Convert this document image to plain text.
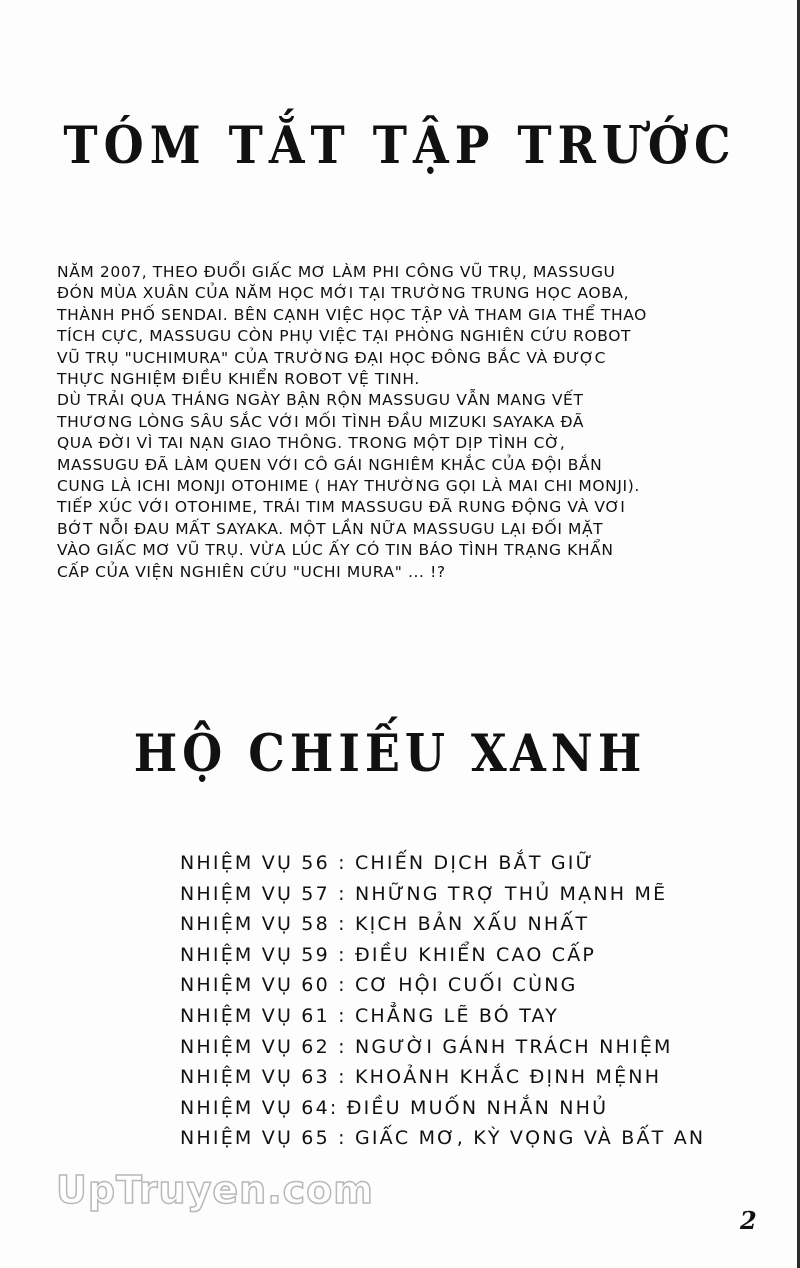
TÓM TẮT TẬP TRƯỚC
NĂM 2007, THEO ĐUỔI GIẤC MƠ LÀM PHI CÔNG VŨ TRỤ, MASSUGU
ĐÓN MÙA XUÂN CỦA NĂM HỌC MỚI TẠI TRƯỜNG TRUNG HỌC AOBA,
THÀNH PHỐ SENDAI. BÊN CẠNH VIỆC HỌC TẬP VÀ THAM GIA THỂ THAO
TÍCH CỰC, MASSUGU CÒN PHỤ VIỆC TẠI PHÒNG NGHIÊN CỨU ROBOT
VŨ TRỤ "UCHIMURA" CỦA TRƯỜNG ĐẠI HỌC ĐÔNG BẮC VÀ ĐƯỢC
THỰC NGHIỆM ĐIỀU KHIỂN ROBOT VỆ TINH.
DÙ TRẢI QUA THÁNG NGÀY BẬN RỘN MASSUGU VẪN MANG VẾT
THƯƠNG LÒNG SÂU SẮC VỚI MỐI TÌNH ĐẦU MIZUKI SAYAKA ĐÃ
QUA ĐỜI VÌ TAI NẠN GIAO THÔNG. TRONG MỘT DỊP TÌNH CỜ,
MASSUGU ĐÃ LÀM QUEN VỚI CÔ GÁI NGHIÊM KHẮC CỦA ĐỘI BẮN
CUNG LÀ ICHI MONJI OTOHIME ( HAY THƯỜNG GỌI LÀ MAI CHI MONJI).
TIẾP XÚC VỚI OTOHIME, TRÁI TIM MASSUGU ĐÃ RUNG ĐỘNG VÀ VƠI
BỚT NỖI ĐAU MẤT SAYAKA. MỘT LẦN NỮA MASSUGU LẠI ĐỐI MẶT
VÀO GIẤC MƠ VŨ TRỤ. VỪA LÚC ẤY CÓ TIN BÁO TÌNH TRẠNG KHẨN
CẤP CỦA VIỆN NGHIÊN CỨU "UCHI MURA" ... !?
HỘ CHIẾU XANH
NHIỆM VỤ 56 : CHIẾN DỊCH BẮT GIỮ
NHIỆM VỤ 57 : NHỮNG TRỢ THỦ MẠNH MẼ
NHIỆM VỤ 58 : KỊCH BẢN XẤU NHẤT
NHIỆM VỤ 59 : ĐIỀU KHIỂN CAO CẤP
NHIỆM VỤ 60 : CƠ HỘI CUỐI CÙNG
NHIỆM VỤ 61 : CHẲNG LẼ BÓ TAY
NHIỆM VỤ 62 : NGƯỜI GÁNH TRÁCH NHIỆM
NHIỆM VỤ 63 : KHOẢNH KHẮC ĐỊNH MỆNH
NHIỆM VỤ 64: ĐIỀU MUỐN NHẮN NHỦ
NHIỆM VỤ 65 : GIẤC MƠ, KỲ VỌNG VÀ BẤT AN
UpTruyen.com
2
